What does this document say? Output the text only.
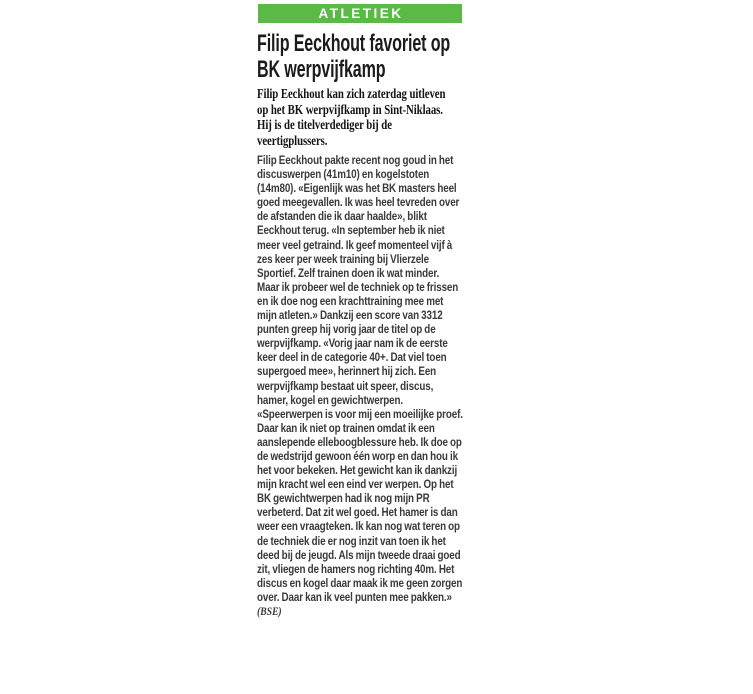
ATLETIEK
Filip Eeckhout favoriet op BK werpvijfkamp

Filip Eeckhout kan zich zaterdag uitleven op het BK werpvijfkamp in Sint-Niklaas. Hij is de titelverdediger bij de veertigplussers.

Filip Eeckhout pakte recent nog goud in het discuswerpen (41m10) en kogelstoten (14m80). «Eigenlijk was het BK masters heel goed meegevallen. Ik was heel tevreden over de afstanden die ik daar haalde», blikt Eeckhout terug. «In september heb ik niet meer veel getraind. Ik geef momenteel vijf à zes keer per week training bij Vlierzele Sportief. Zelf trainen doen ik wat minder. Maar ik probeer wel de techniek op te frissen en ik doe nog een krachttraining mee met mijn atleten.» Dankzij een score van 3312 punten greep hij vorig jaar de titel op de werpvijfkamp. «Vorig jaar nam ik de eerste keer deel in de categorie 40+. Dat viel toen supergoed mee», herinnert hij zich. Een werpvijfkamp bestaat uit speer, discus, hamer, kogel en gewichtwerpen. «Speerwerpen is voor mij een moeilijke proef. Daar kan ik niet op trainen omdat ik een aanslepende elleboogblessure heb. Ik doe op de wedstrijd gewoon één worp en dan hou ik het voor bekeken. Het gewicht kan ik dankzij mijn kracht wel een eind ver werpen. Op het BK gewichtwerpen had ik nog mijn PR verbeterd. Dat zit wel goed. Het hamer is dan weer een vraagteken. Ik kan nog wat teren op de techniek die er nog inzit van toen ik het deed bij de jeugd. Als mijn tweede draai goed zit, vliegen de hamers nog richting 40m. Het discus en kogel daar maak ik me geen zorgen over. Daar kan ik veel punten mee pakken.» (BSE)
